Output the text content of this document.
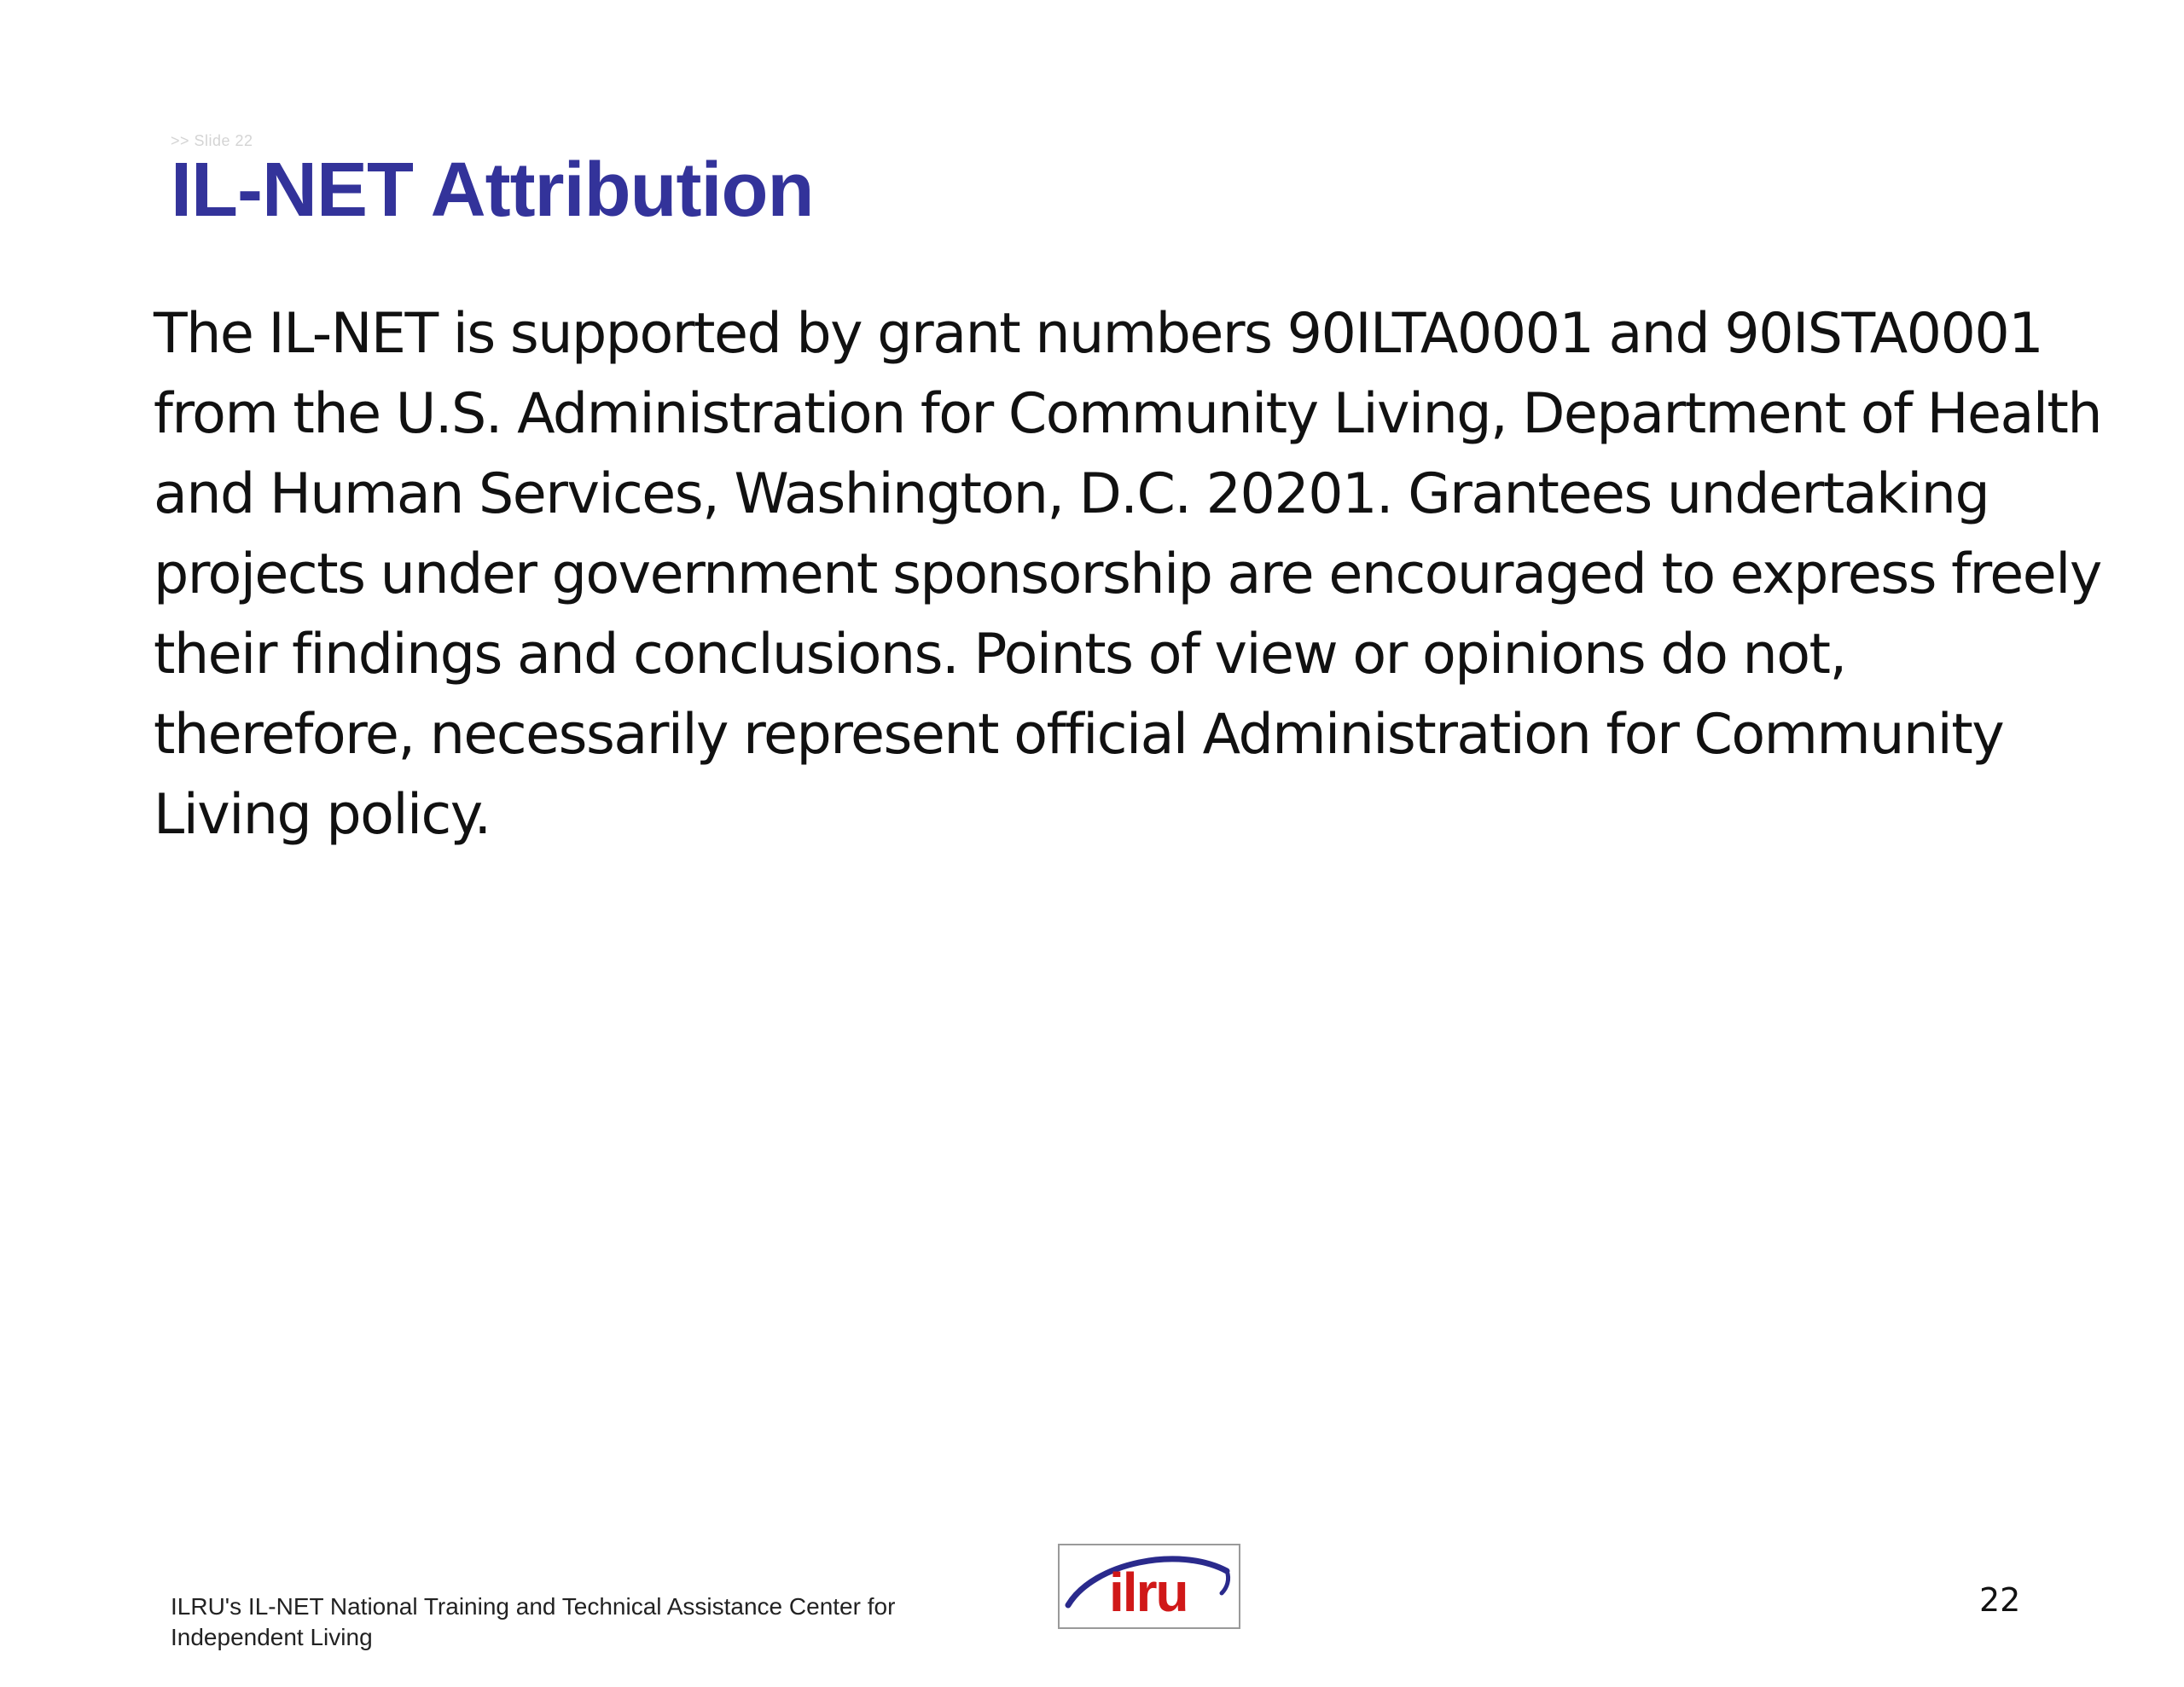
>> Slide 22
IL-NET Attribution

The IL-NET is supported by grant numbers 90ILTA0001 and 90ISTA0001 from the U.S. Administration for Community Living, Department of Health and Human Services, Washington, D.C. 20201. Grantees undertaking projects under government sponsorship are encouraged to express freely their findings and conclusions. Points of view or opinions do not, therefore, necessarily represent official Administration for Community Living policy.

ILRU's IL-NET National Training and Technical Assistance Center for Independent Living
ilru	22
